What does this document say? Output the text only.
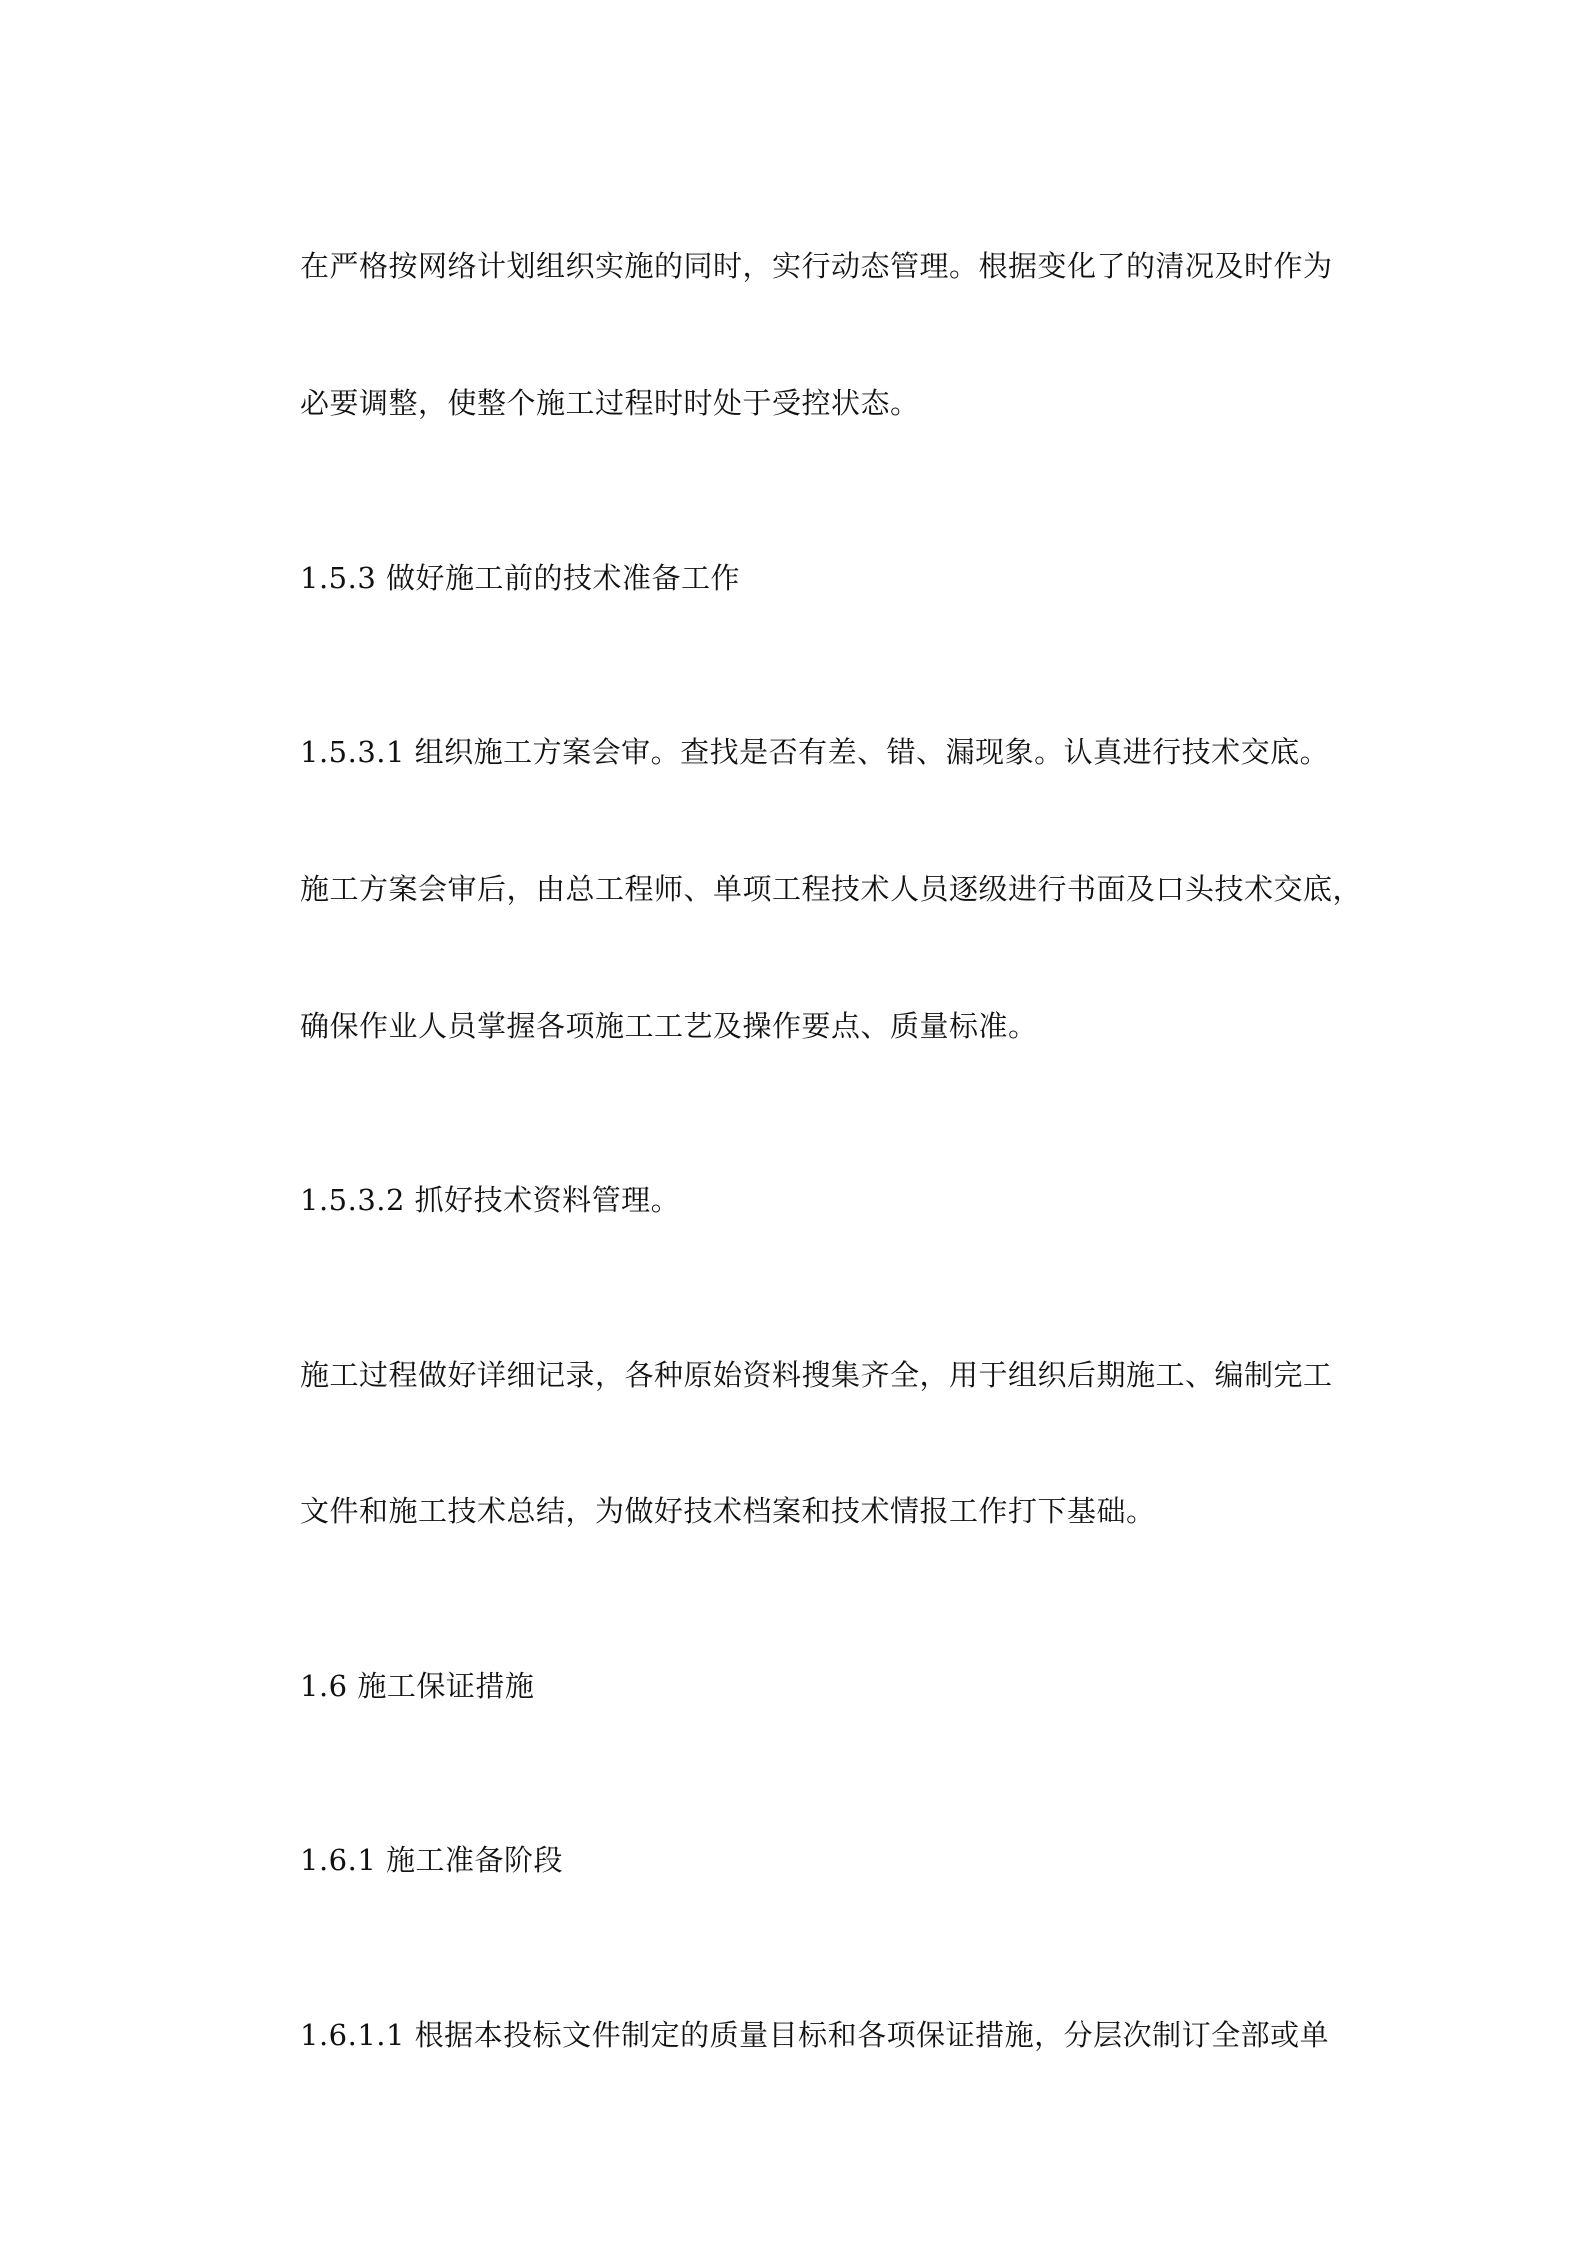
在严格按网络计划组织实施的同时，实行动态管理。根据变化了的清况及时作为
必要调整，使整个施工过程时时处于受控状态。
1.5.3 做好施工前的技术准备工作
1.5.3.1 组织施工方案会审。查找是否有差、错、漏现象。认真进行技术交底。
施工方案会审后，由总工程师、单项工程技术人员逐级进行书面及口头技术交底，
确保作业人员掌握各项施工工艺及操作要点、质量标准。
1.5.3.2 抓好技术资料管理。
施工过程做好详细记录，各种原始资料搜集齐全，用于组织后期施工、编制完工
文件和施工技术总结，为做好技术档案和技术情报工作打下基础。
1.6 施工保证措施
1.6.1 施工准备阶段
1.6.1.1 根据本投标文件制定的质量目标和各项保证措施，分层次制订全部或单
